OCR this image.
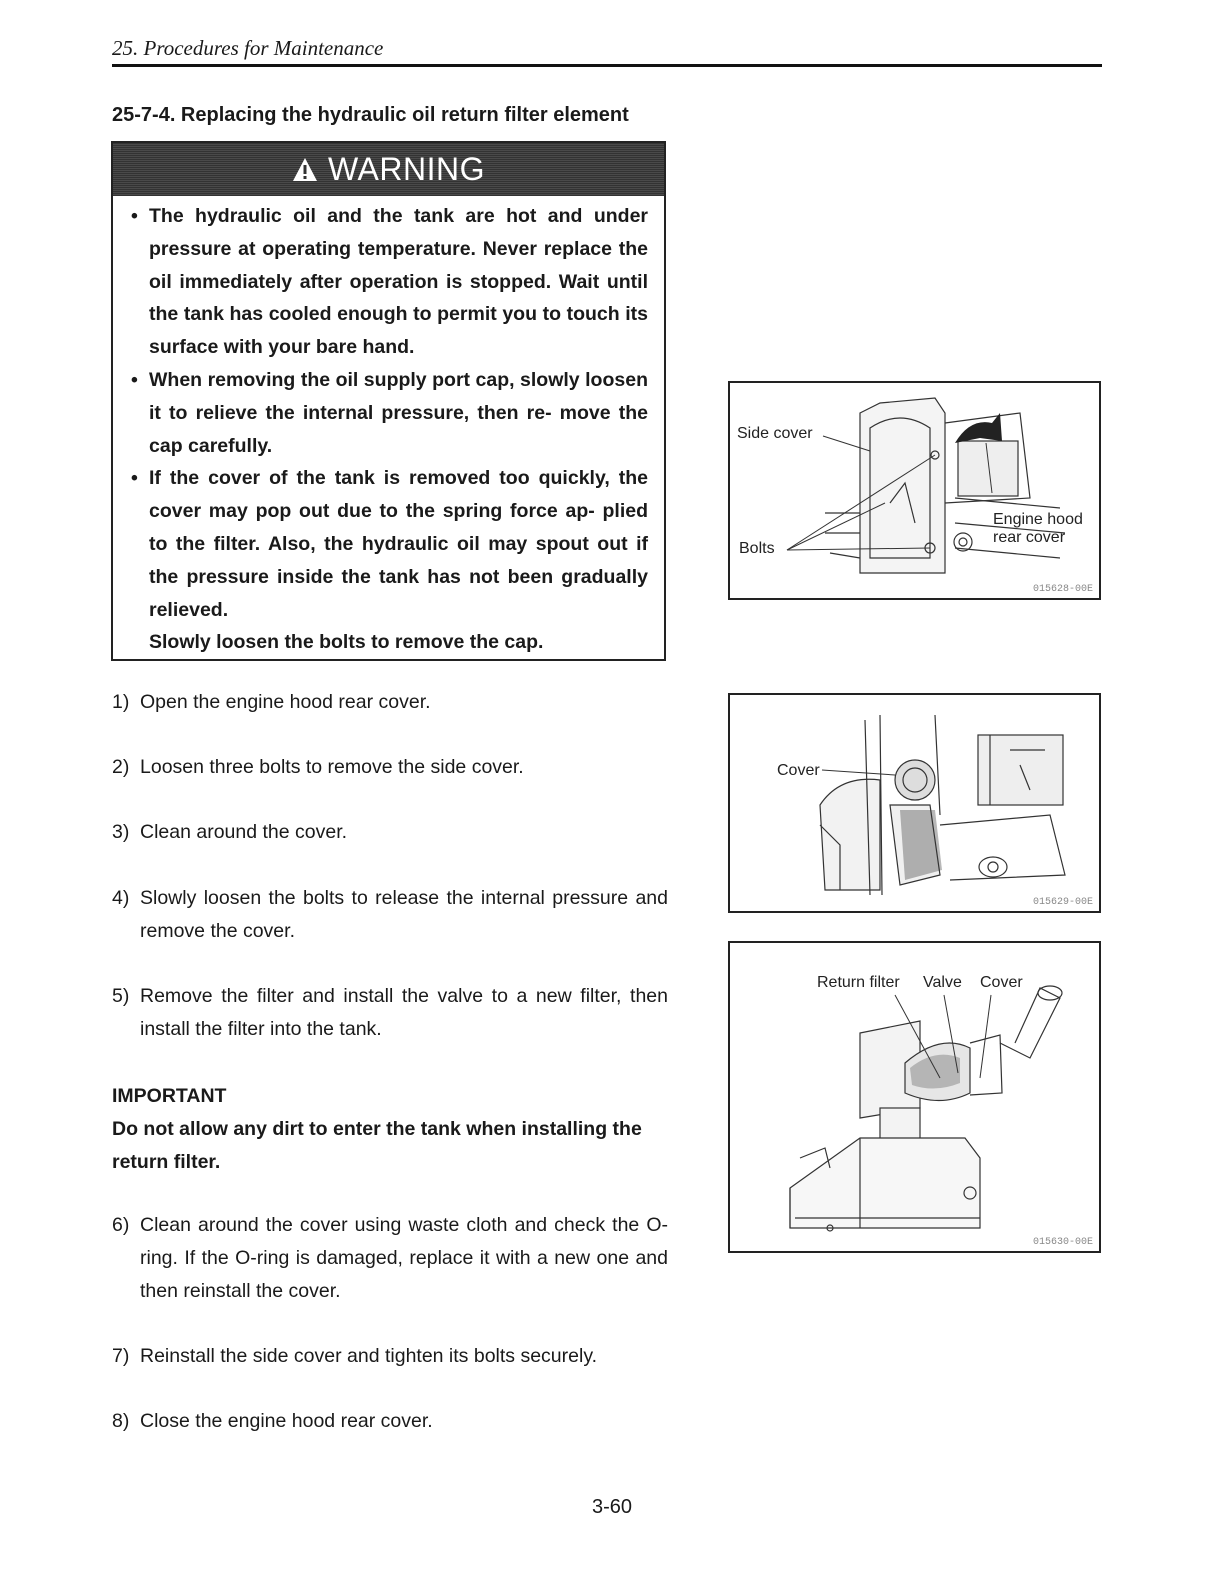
25. Procedures for Maintenance
25-7-4. Replacing the hydraulic oil return filter element
WARNING
• The hydraulic oil and the tank are hot and under pressure at operating temperature. Never replace the oil immediately after operation is stopped. Wait until the tank has cooled enough to permit you to touch its surface with your bare hand.
• When removing the oil supply port cap, slowly loosen it to relieve the internal pressure, then re- move the cap carefully.
• If the cover of the tank is removed too quickly, the cover may pop out due to the spring force ap- plied to the filter. Also, the hydraulic oil may spout out if the pressure inside the tank has not been gradually relieved.
Slowly loosen the bolts to remove the cap.
1) Open the engine hood rear cover.
2) Loosen three bolts to remove the side cover.
3) Clean around the cover.
4) Slowly loosen the bolts to release the internal pressure and remove the cover.
5) Remove the filter and install the valve to a new filter, then install the filter into the tank.
IMPORTANT
Do not allow any dirt to enter the tank when installing the return filter.
6) Clean around the cover using waste cloth and check the O-ring. If the O-ring is damaged, replace it with a new one and then reinstall the cover.
7) Reinstall the side cover and tighten its bolts securely.
8) Close the engine hood rear cover.
Side cover
Bolts
Engine hood
rear cover
015628-00E
Cover
015629-00E
Return filter Valve Cover
015630-00E
3-60
